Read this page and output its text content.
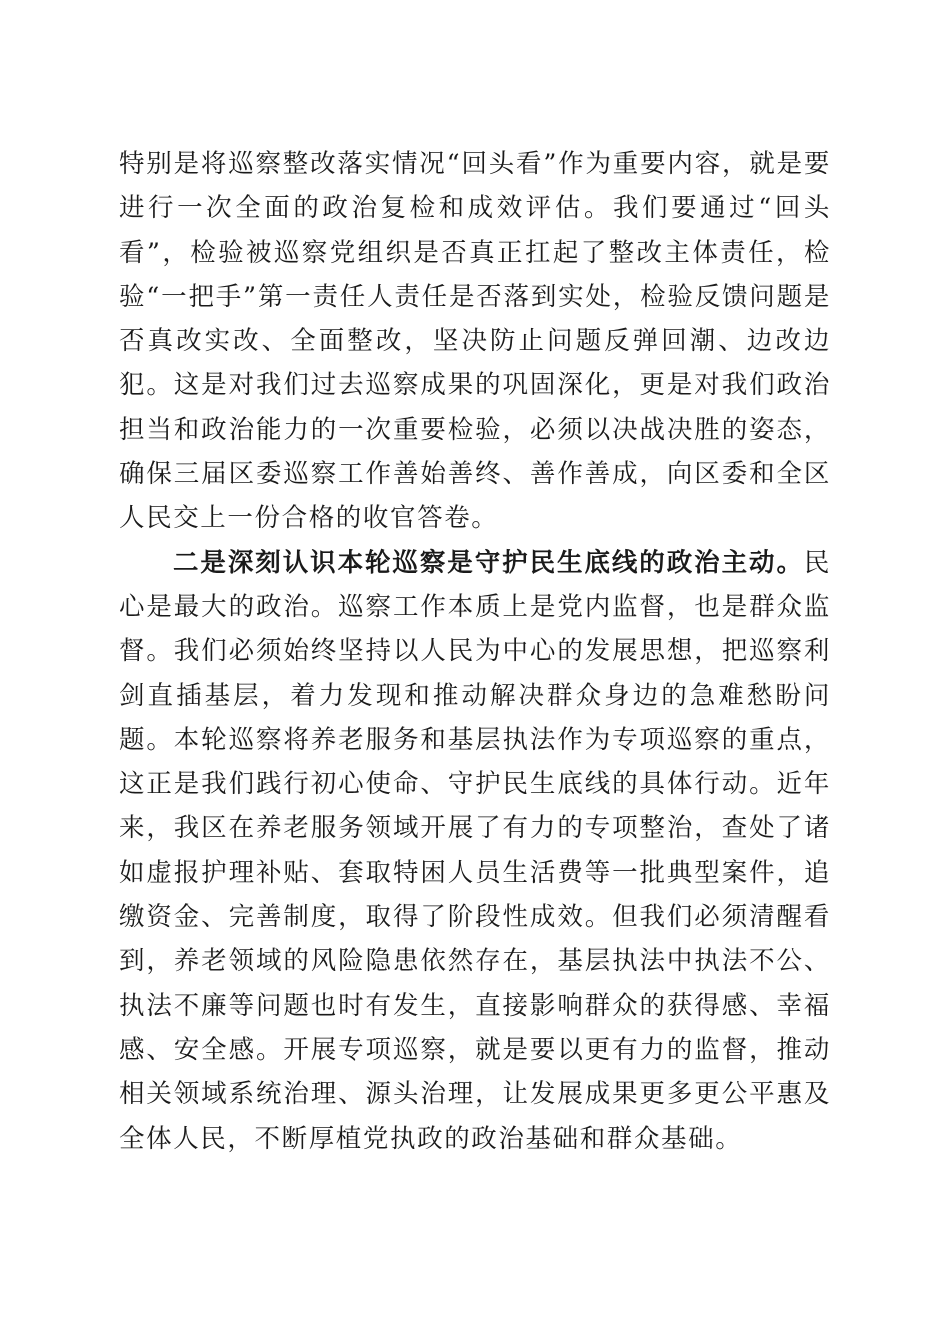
特别是将巡察整改落实情况“回头看”作为重要内容，就是要进行一次全面的政治复检和成效评估。我们要通过“回头看”，检验被巡察党组织是否真正扛起了整改主体责任，检验“一把手”第一责任人责任是否落到实处，检验反馈问题是否真改实改、全面整改，坚决防止问题反弹回潮、边改边犯。这是对我们过去巡察成果的巩固深化，更是对我们政治担当和政治能力的一次重要检验，必须以决战决胜的姿态，确保三届区委巡察工作善始善终、善作善成，向区委和全区人民交上一份合格的收官答卷。

二是深刻认识本轮巡察是守护民生底线的政治主动。民心是最大的政治。巡察工作本质上是党内监督，也是群众监督。我们必须始终坚持以人民为中心的发展思想，把巡察利剑直插基层，着力发现和推动解决群众身边的急难愁盼问题。本轮巡察将养老服务和基层执法作为专项巡察的重点，这正是我们践行初心使命、守护民生底线的具体行动。近年来，我区在养老服务领域开展了有力的专项整治，查处了诸如虚报护理补贴、套取特困人员生活费等一批典型案件，追缴资金、完善制度，取得了阶段性成效。但我们必须清醒看到，养老领域的风险隐患依然存在，基层执法中执法不公、执法不廉等问题也时有发生，直接影响群众的获得感、幸福感、安全感。开展专项巡察，就是要以更有力的监督，推动相关领域系统治理、源头治理，让发展成果更多更公平惠及全体人民，不断厚植党执政的政治基础和群众基础。
